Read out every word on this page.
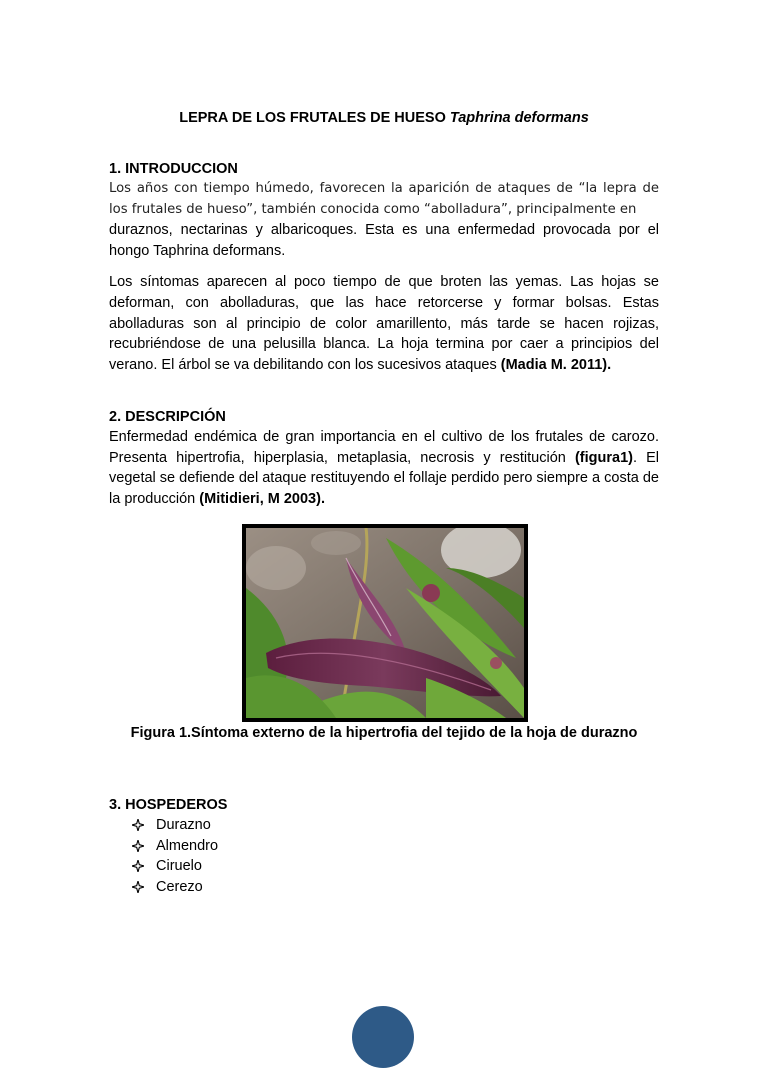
LEPRA DE LOS FRUTALES DE HUESO Taphrina deformans
1. INTRODUCCION

Los años con tiempo húmedo, favorecen la aparición de ataques de “la lepra de los frutales de hueso”, también conocida como “abolladura”, principalmente en

duraznos, nectarinas y albaricoques. Esta es una enfermedad provocada por el hongo Taphrina deformans.

Los síntomas aparecen al poco tiempo de que broten las yemas. Las hojas se deforman, con abolladuras, que las hace retorcerse y formar bolsas. Estas abolladuras son al principio de color amarillento, más tarde se hacen rojizas, recubriéndose de una pelusilla blanca. La hoja termina por caer a principios del verano. El árbol se va debilitando con los sucesivos ataques (Madia M. 2011).

2. DESCRIPCIÓN

Enfermedad endémica de gran importancia en el cultivo de los frutales de carozo. Presenta hipertrofia, hiperplasia, metaplasia, necrosis y restitución (figura1). El vegetal se defiende del ataque restituyendo el follaje perdido pero siempre a costa de la producción (Mitidieri, M 2003).

Figura 1.Síntoma externo de la hipertrofia del tejido de la hoja de durazno
3. HOSPEDEROS
Durazno
Almendro
Ciruelo
Cerezo
